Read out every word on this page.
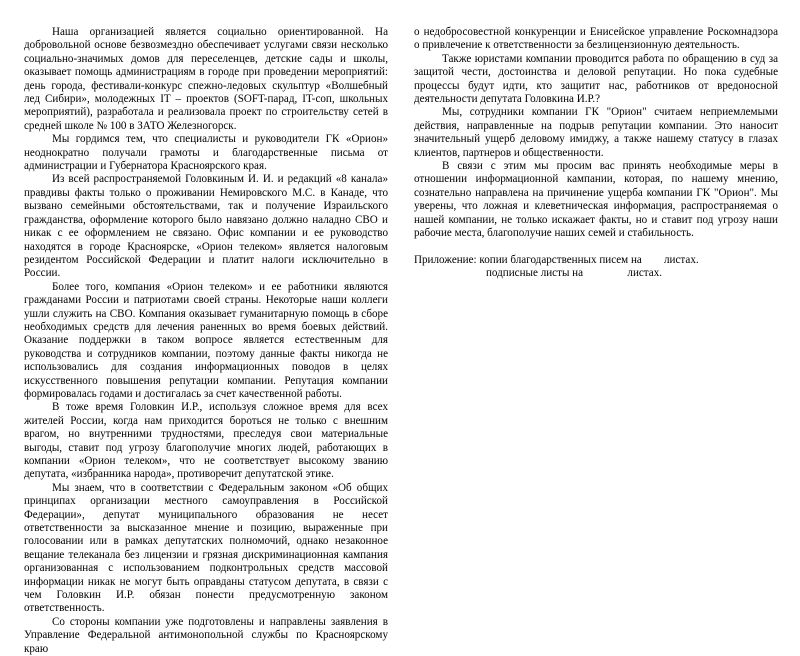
Наша организацией является социально ориентированной. На добровольной основе безвозмездно обеспечивает услугами связи несколько социально-значимых домов для переселенцев, детские сады и школы, оказывает помощь администрациям в городе при проведении мероприятий: день города, фестивали-конкурс спежно-ледовых скульптур «Волшебный лед Сибири», молодежных IT – проектов (SOFT-парад, IT-соп, школьных мероприятий), разработала и реализовала проект по строительству сетей в средней школе № 100 в ЗАТО Железногорск.

Мы гордимся тем, что специалисты и руководители ГК «Орион» неоднократно получали грамоты и благодарственные письма от администрации и Губернатора Красноярского края.

Из всей распространяемой Головкиным И. И. и редакций «8 канала» правдивы факты только о проживании Немировского М.С. в Канаде, что вызвано семейными обстоятельствами, так и получение Израильского гражданства, оформление которого было навязано должно наладно CBO и никак с ее оформлением не связано. Офис компании и ее руководство находятся в городе Красноярске, «Орион телеком» является налоговым резидентом Российской Федерации и платит налоги исключительно в России.

Более того, компания «Орион телеком» и ее работники являются гражданами России и патриотами своей страны. Некоторые наши коллеги ушли служить на СВО. Компания оказывает гуманитарную помощь в сборе необходимых средств для лечения раненных во время боевых действий. Оказание поддержки в таком вопросе является естественным для руководства и сотрудников компании, поэтому данные факты никогда не использовались для создания информационных поводов в целях искусственного повышения репутации компании. Репутация компании формировалась годами и достигалась за счет качественной работы.

В тоже время Головкин И.Р., используя сложное время для всех жителей России, когда нам приходится бороться не только с внешним врагом, но внутренними трудностями, преследуя свои материальные выгоды, ставит под угрозу благополучие многих людей, работающих в компании «Орион телеком», что не соответствует высокому званию депутата, «избранника народа», противоречит депутатской этике.

Мы знаем, что в соответствии с Федеральным законом «Об общих принципах организации местного самоуправления в Российской Федерации», депутат муниципального образования не несет ответственности за высказанное мнение и позицию, выраженные при голосовании или в рамках депутатских полномочий, однако незаконное вещание телеканала без лицензии и грязная дискриминационная кампания организованная с использованием подконтрольных средств массовой информации никак не могут быть оправданы статусом депутата, в связи с чем Головкин И.Р. обязан понести предусмотренную законом ответственность.

Со стороны компании уже подготовлены и направлены заявления в Управление Федеральной антимонопольной службы по Красноярскому краю

о недобросовестной конкуренции и Енисейское управление Роскомнадзора о привлечение к ответственности за безлицензионную деятельность.

Также юристами компании проводится работа по обращению в суд за защитой чести, достоинства и деловой репутации. Но пока судебные процессы будут идти, кто защитит нас, работников от вредоносной деятельности депутата Головкина И.Р.?

Мы, сотрудники компании ГК "Орион" считаем неприемлемыми действия, направленные на подрыв репутации компании. Это наносит значительный ущерб деловому имиджу, а также нашему статусу в глазах клиентов, партнеров и общественности.

В связи с этим мы просим вас принять необходимые меры в отношении информационной кампании, которая, по нашему мнению, сознательно направлена на причинение ущерба компании ГК "Орион". Мы уверены, что ложная и клеветническая информация, распространяемая о нашей компании, не только искажает факты, но и ставит под угрозу наши рабочие места, благополучие наших семей и стабильность.

Приложение: копии благодарственных писем на        листах.
подписные листы на                листах.
